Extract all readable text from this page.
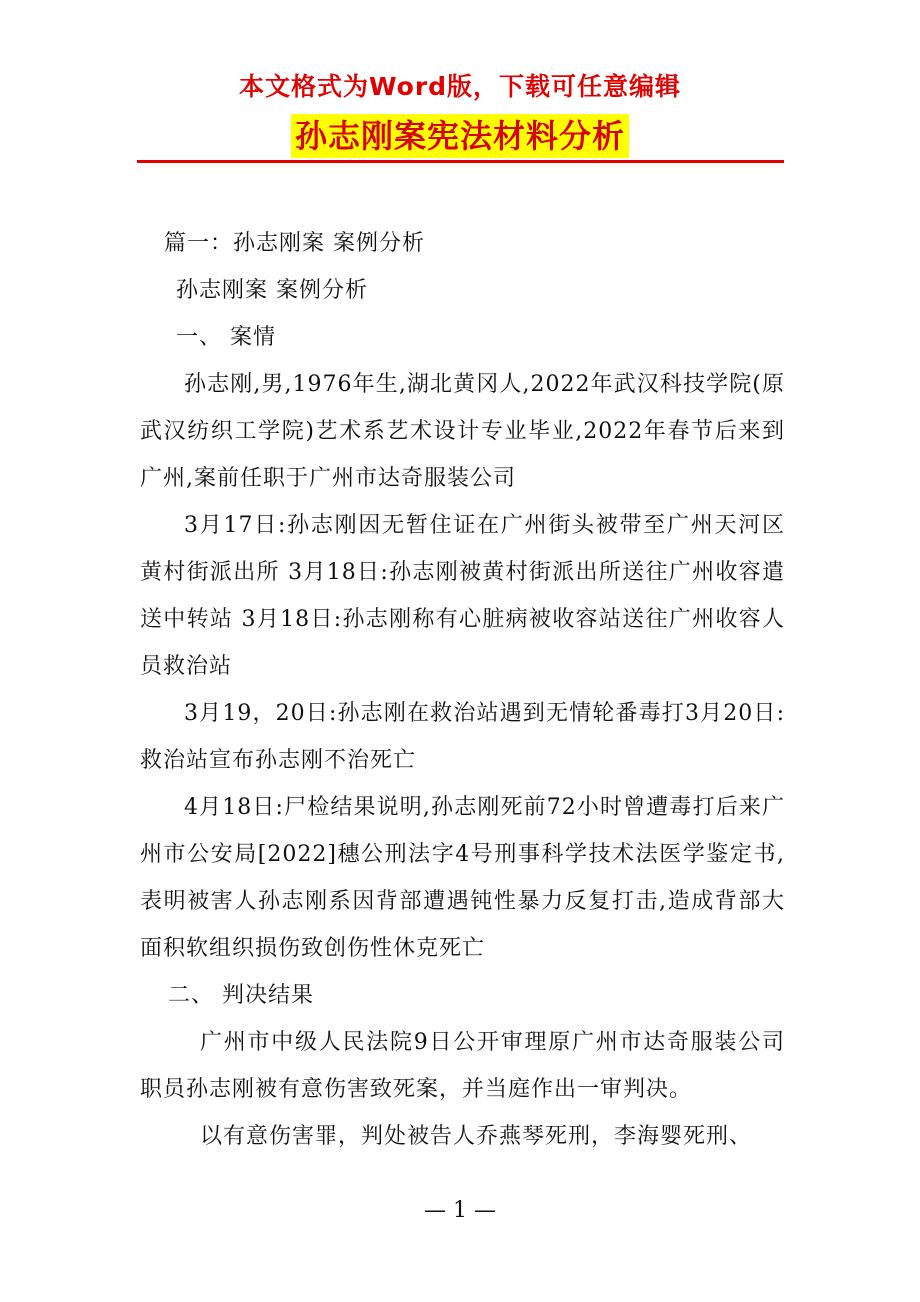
本文格式为Word版，下载可任意编辑
孙志刚案宪法材料分析

篇一：孙志刚案 案例分析

孙志刚案 案例分析

一、 案情

孙志刚,男,1976年生,湖北黄冈人,2022年武汉科技学院(原武汉纺织工学院)艺术系艺术设计专业毕业,2022年春节后来到广州,案前任职于广州市达奇服装公司

3月17日:孙志刚因无暂住证在广州街头被带至广州天河区黄村街派出所 3月18日:孙志刚被黄村街派出所送往广州收容遣送中转站 3月18日:孙志刚称有心脏病被收容站送往广州收容人员救治站

3月19，20日:孙志刚在救治站遇到无情轮番毒打3月20日:救治站宣布孙志刚不治死亡

4月18日:尸检结果说明,孙志刚死前72小时曾遭毒打后来广州市公安局[2022]穗公刑法字4号刑事科学技术法医学鉴定书,表明被害人孙志刚系因背部遭遇钝性暴力反复打击,造成背部大面积软组织损伤致创伤性休克死亡

二、 判决结果

广州市中级人民法院9日公开审理原广州市达奇服装公司职员孙志刚被有意伤害致死案，并当庭作出一审判决。

以有意伤害罪，判处被告人乔燕琴死刑，李海婴死刑、

— 1 —
